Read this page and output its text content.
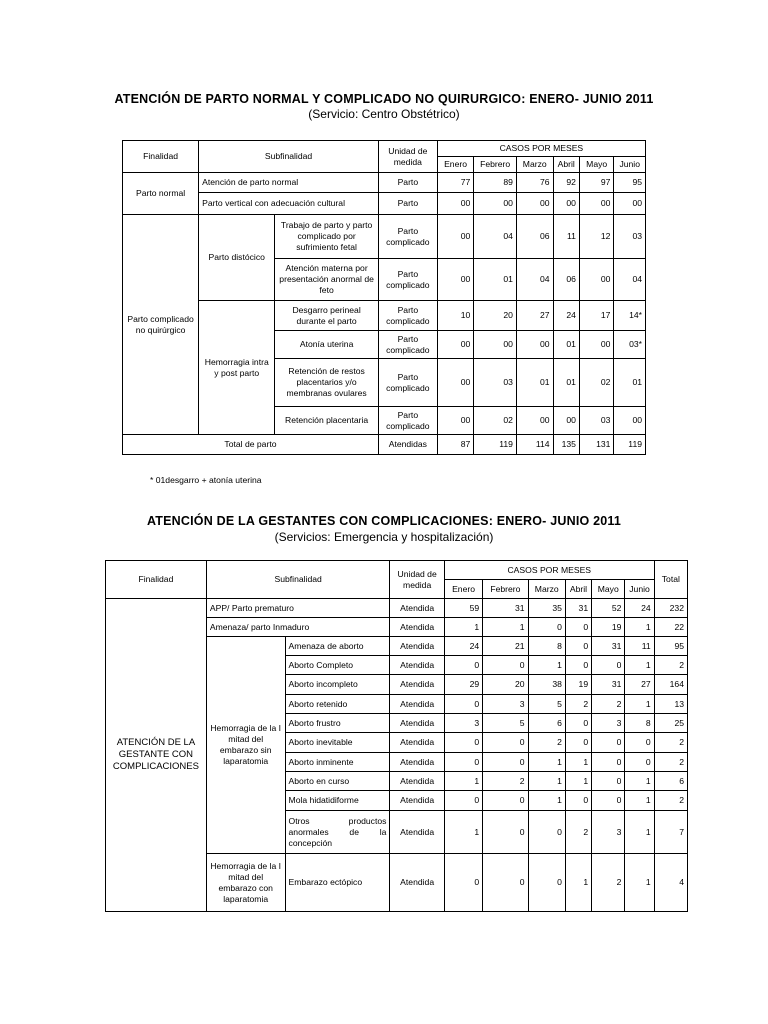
ATENCIÓN DE PARTO NORMAL Y COMPLICADO NO QUIRURGICO: ENERO- JUNIO 2011
(Servicio: Centro Obstétrico)
Finalidad	Subfinalidad		Unidad de medida	CASOS POR MESES					
				Enero	Febrero	Marzo	Abril	Mayo	Junio
Parto normal	Atención de parto normal		Parto	77	89	76	92	97	95
	Parto vertical con adecuación cultural		Parto	00	00	00	00	00	00
Parto complicado no quirúrgico	Parto distócico	Trabajo de parto y parto complicado por sufrimiento fetal	Parto complicado	00	04	06	11	12	03
		Atención materna por presentación anormal de feto	Parto complicado	00	01	04	06	00	04
	Hemorragia intra y post parto	Desgarro perineal durante el parto	Parto complicado	10	20	27	24	17	14*
		Atonía uterina	Parto complicado	00	00	00	01	00	03*
		Retención de restos placentarios y/o membranas ovulares	Parto complicado	00	03	01	01	02	01
		Retención placentaria	Parto complicado	00	02	00	00	03	00
Total de parto			Atendidas	87	119	114	135	131	119
* 01desgarro + atonía uterina
ATENCIÓN DE LA GESTANTES CON COMPLICACIONES: ENERO- JUNIO 2011
(Servicios: Emergencia y hospitalización)
Finalidad	Subfinalidad		Unidad de medida	CASOS POR MESES						Total
				Enero	Febrero	Marzo	Abril	Mayo	Junio	
ATENCIÓN DE LA GESTANTE CON COMPLICACIONES	APP/ Parto prematuro		Atendida	59	31	35	31	52	24	232
	Amenaza/ parto Inmaduro		Atendida	1	1	0	0	19	1	22
	Hemorragia de la I mitad del embarazo sin laparatomia	Amenaza de aborto	Atendida	24	21	8	0	31	11	95
		Aborto Completo	Atendida	0	0	1	0	0	1	2
		Aborto incompleto	Atendida	29	20	38	19	31	27	164
		Aborto retenido	Atendida	0	3	5	2	2	1	13
		Aborto frustro	Atendida	3	5	6	0	3	8	25
		Aborto inevitable	Atendida	0	0	2	0	0	0	2
		Aborto inminente	Atendida	0	0	1	1	0	0	2
		Aborto en curso	Atendida	1	2	1	1	0	1	6
		Mola hidatidiforme	Atendida	0	0	1	0	0	1	2
		Otros productos anormales de la concepción	Atendida	1	0	0	2	3	1	7
	Hemorragia de la I mitad del embarazo con laparatomia	Embarazo ectópico	Atendida	0	0	0	1	2	1	4
